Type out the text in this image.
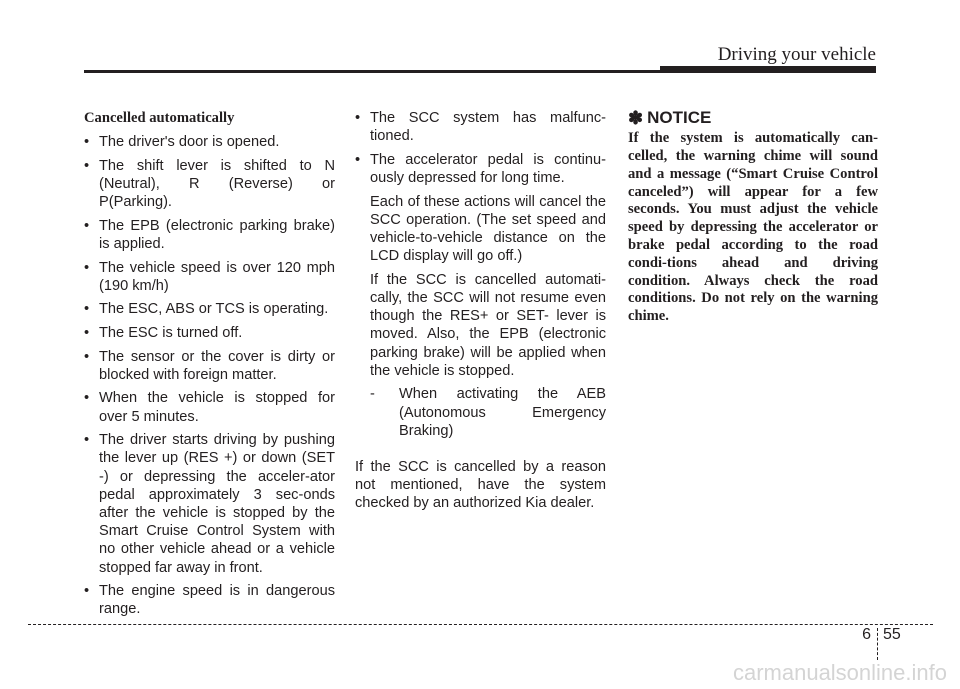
Driving your vehicle
Cancelled automatically
• The driver's door is opened.
• The shift lever is shifted to N (Neutral), R (Reverse) or P(Parking).
• The EPB (electronic parking brake) is applied.
• The vehicle speed is over 120 mph (190 km/h)
• The ESC, ABS or TCS is operating.
• The ESC is turned off.
• The sensor or the cover is dirty or blocked with foreign matter.
• When the vehicle is stopped for over 5 minutes.
• The driver starts driving by pushing the lever up (RES +) or down (SET -) or depressing the acceler-ator pedal approximately 3 sec-onds after the vehicle is stopped by the Smart Cruise Control System with no other vehicle ahead or a vehicle stopped far away in front.
• The engine speed is in dangerous range.
• The SCC system has malfunc-tioned.
• The accelerator pedal is continu-ously depressed for long time.

Each of these actions will cancel the SCC operation. (The set speed and vehicle-to-vehicle distance on the LCD display will go off.)

If the SCC is cancelled automati-cally, the SCC will not resume even though the RES+ or SET- lever is moved. Also, the EPB (electronic parking brake) will be applied when the vehicle is stopped.

- When activating the AEB (Autonomous Emergency Braking)

If the SCC is cancelled by a reason not mentioned, have the system checked by an authorized Kia dealer.

✽ NOTICE

If the system is automatically can-celled, the warning chime will sound and a message (“Smart Cruise Control canceled”) will appear for a few seconds. You must adjust the vehicle speed by depressing the accelerator or brake pedal according to the road condi-tions ahead and driving condition. Always check the road conditions. Do not rely on the warning chime.

6 55
carmanualsonline.info
